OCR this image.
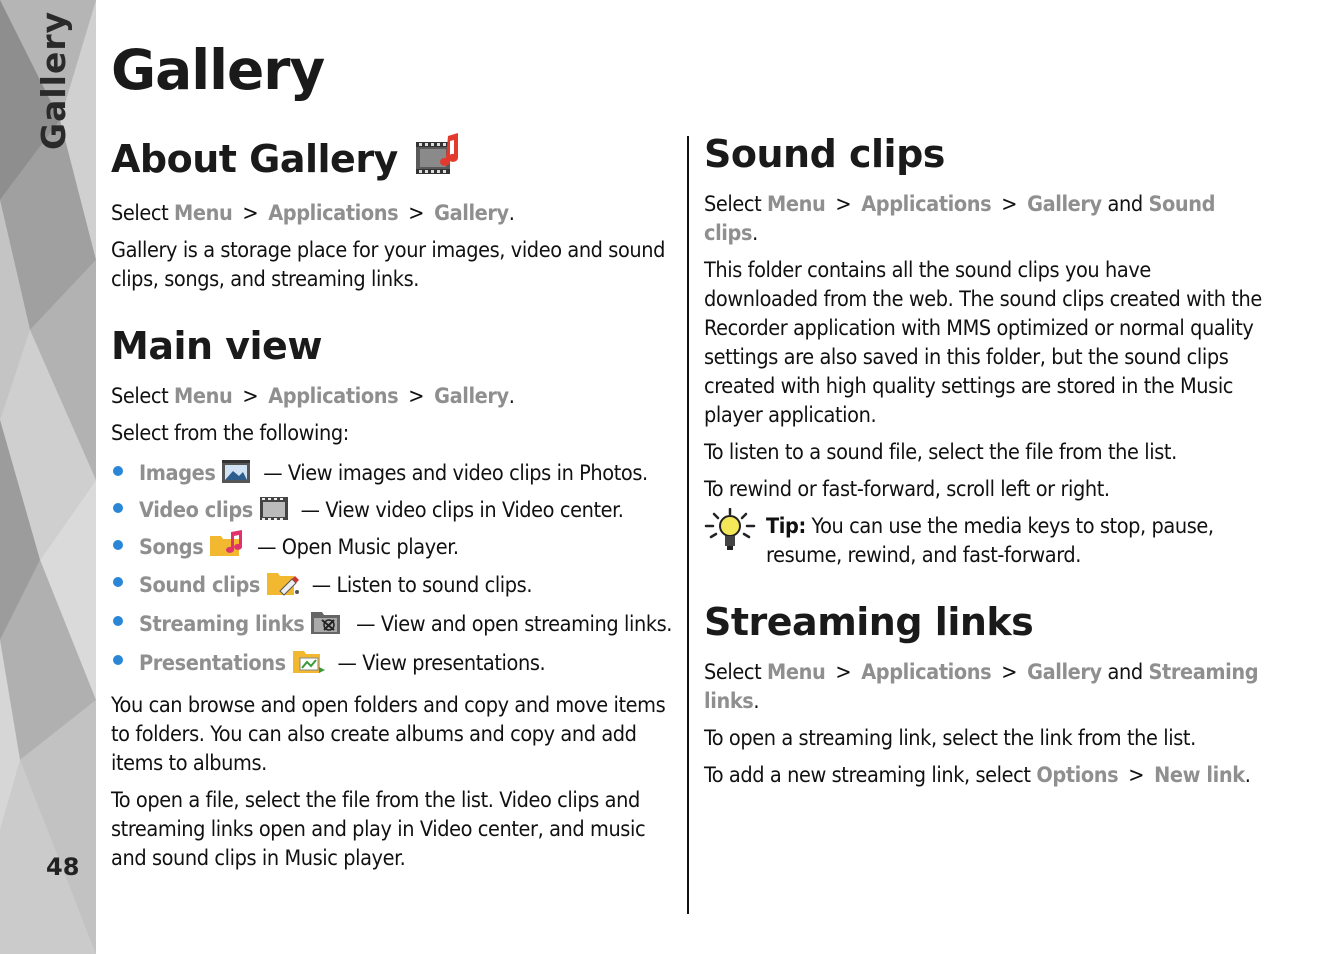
Gallery
48
Gallery
About Gallery

Select Menu > Applications > Gallery.

Gallery is a storage place for your images, video and sound clips, songs, and streaming links.

Main view

Select Menu > Applications > Gallery.

Select from the following:

Images — View images and video clips in Photos.
Video clips — View video clips in Video center.
Songs — Open Music player.
Sound clips — Listen to sound clips.
Streaming links — View and open streaming links.
Presentations — View presentations.

You can browse and open folders and copy and move items to folders. You can also create albums and copy and add items to albums.

To open a file, select the file from the list. Video clips and streaming links open and play in Video center, and music and sound clips in Music player.

Sound clips

Select Menu > Applications > Gallery and Sound clips.

This folder contains all the sound clips you have downloaded from the web. The sound clips created with the Recorder application with MMS optimized or normal quality settings are also saved in this folder, but the sound clips created with high quality settings are stored in the Music player application.

To listen to a sound file, select the file from the list.

To rewind or fast-forward, scroll left or right.

Tip: You can use the media keys to stop, pause, resume, rewind, and fast-forward.

Streaming links

Select Menu > Applications > Gallery and Streaming links.

To open a streaming link, select the link from the list.

To add a new streaming link, select Options > New link.
